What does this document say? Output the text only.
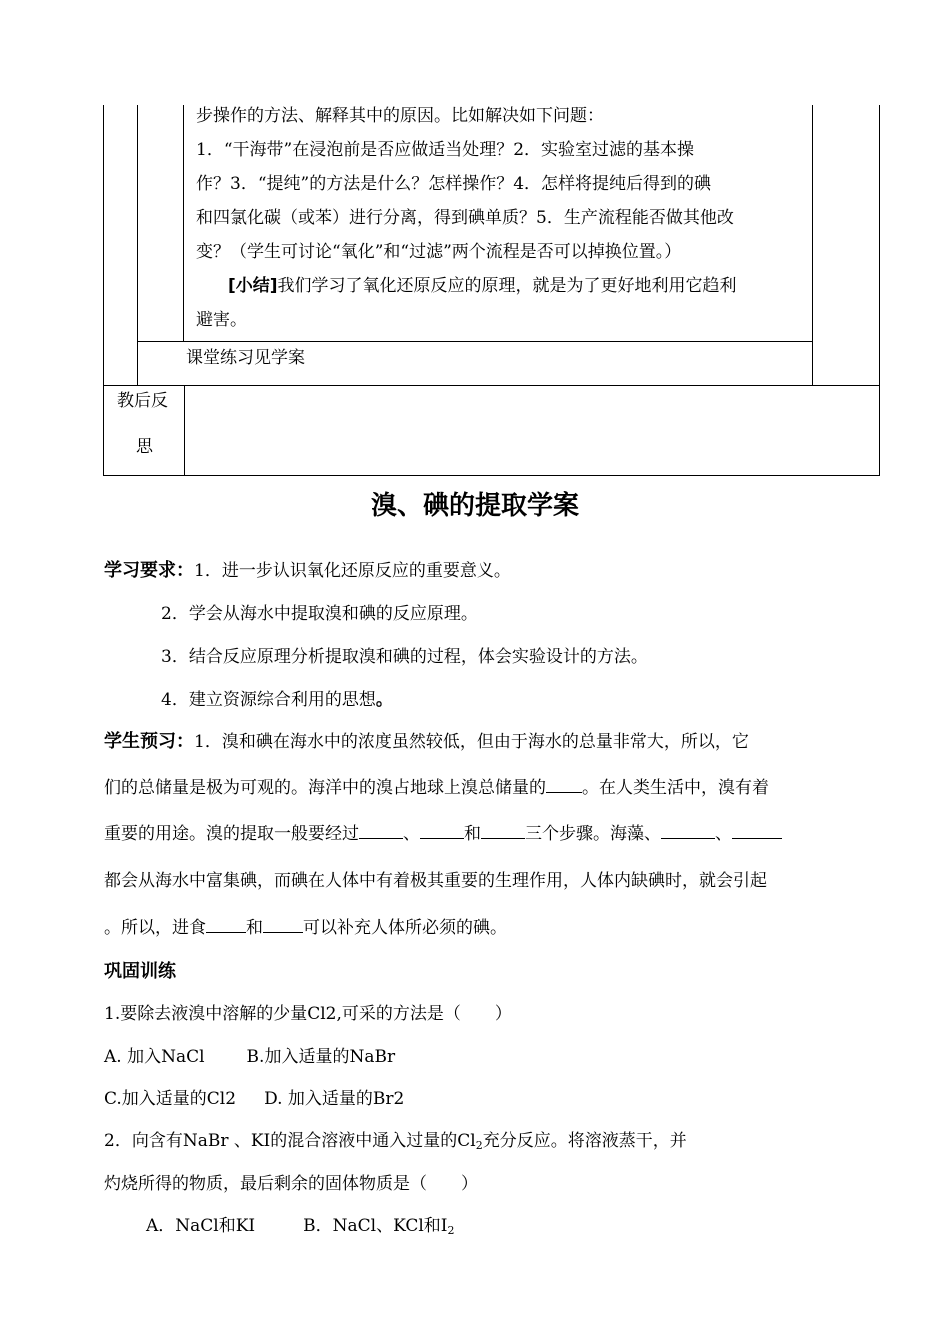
步操作的方法、解释其中的原因。比如解决如下问题：
1．“干海带”在浸泡前是否应做适当处理？2．实验室过滤的基本操
作？3．“提纯”的方法是什么？怎样操作？4．怎样将提纯后得到的碘
和四氯化碳（或苯）进行分离，得到碘单质？5．生产流程能否做其他改
变？（学生可讨论“氧化”和“过滤”两个流程是否可以掉换位置。）
[小结]我们学习了氧化还原反应的原理，就是为了更好地利用它趋利
避害。
课堂练习见学案
教后反
思
溴、碘的提取学案
学习要求：1．进一步认识氧化还原反应的重要意义。
2．学会从海水中提取溴和碘的反应原理。
3．结合反应原理分析提取溴和碘的过程，体会实验设计的方法。
4．建立资源综合利用的思想。
学生预习：1．溴和碘在海水中的浓度虽然较低，但由于海水的总量非常大，所以，它
们的总储量是极为可观的。海洋中的溴占地球上溴总储量的 。在人类生活中，溴有着
重要的用途。溴的提取一般要经过	、	和	三个步骤。海藻、	、
都会从海水中富集碘，而碘在人体中有着极其重要的生理作用，人体内缺碘时，就会引起
。所以，进食 和 可以补充人体所必须的碘。
巩固训练
1.要除去液溴中溶解的少量Cl2,可采的方法是（　　）
A. 加入NaCl B.加入适量的NaBr
C.加入适量的Cl2 D. 加入适量的Br2
2．向含有NaBr 、KI的混合溶液中通入过量的$Cl_2$充分反应。将溶液蒸干，并
灼烧所得的物质，最后剩余的固体物质是（　　）
A．NaCl和KI	B．NaCl、KCl和$I_2$
